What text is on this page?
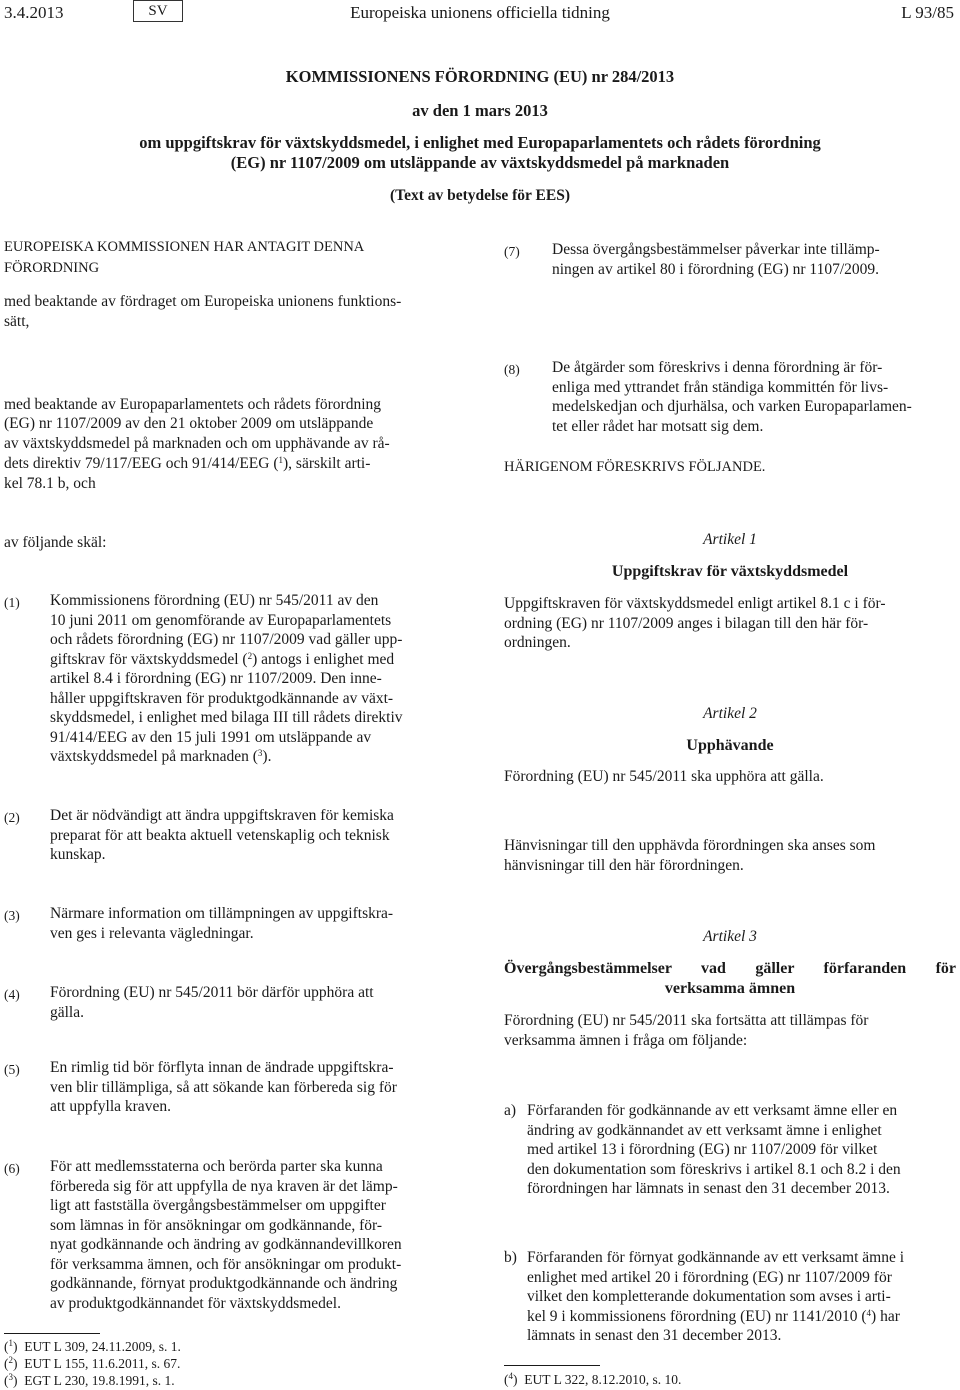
3.4.2013	SV	Europeiska unionens officiella tidning	L 93/85
KOMMISSIONENS FÖRORDNING (EU) nr 284/2013
av den 1 mars 2013
om uppgiftskrav för växtskyddsmedel, i enlighet med Europaparlamentets och rådets förordning
(EG) nr 1107/2009 om utsläppande av växtskyddsmedel på marknaden
(Text av betydelse för EES)
EUROPEISKA KOMMISSIONEN HAR ANTAGIT DENNA
FÖRORDNING
med beaktande av fördraget om Europeiska unionens funktions-
sätt,
med beaktande av Europaparlamentets och rådets förordning
(EG) nr 1107/2009 av den 21 oktober 2009 om utsläppande
av växtskyddsmedel på marknaden och om upphävande av rå-
dets direktiv 79/117/EEG och 91/414/EEG ($^1$), särskilt arti-
kel 78.1 b, och
av följande skäl:
(1) Kommissionens förordning (EU) nr 545/2011 av den
10 juni 2011 om genomförande av Europaparlamentets
och rådets förordning (EG) nr 1107/2009 vad gäller upp-
giftskrav för växtskyddsmedel ($^2$) antogs i enlighet med
artikel 8.4 i förordning (EG) nr 1107/2009. Den inne-
håller uppgiftskraven för produktgodkännande av växt-
skyddsmedel, i enlighet med bilaga III till rådets direktiv
91/414/EEG av den 15 juli 1991 om utsläppande av
växtskyddsmedel på marknaden ($^3$).
(2) Det är nödvändigt att ändra uppgiftskraven för kemiska
preparat för att beakta aktuell vetenskaplig och teknisk
kunskap.
(3) Närmare information om tillämpningen av uppgiftskra-
ven ges i relevanta vägledningar.
(4) Förordning (EU) nr 545/2011 bör därför upphöra att
gälla.
(5) En rimlig tid bör förflyta innan de ändrade uppgiftskra-
ven blir tillämpliga, så att sökande kan förbereda sig för
att uppfylla kraven.
(6) För att medlemsstaterna och berörda parter ska kunna
förbereda sig för att uppfylla de nya kraven är det lämp-
ligt att fastställa övergångsbestämmelser om uppgifter
som lämnas in för ansökningar om godkännande, för-
nyat godkännande och ändring av godkännandevillkoren
för verksamma ämnen, och för ansökningar om produkt-
godkännande, förnyat produktgodkännande och ändring
av produktgodkännandet för växtskyddsmedel.
($^1$)  EUT L 309, 24.11.2009, s. 1.
($^2$)  EUT L 155, 11.6.2011, s. 67.
($^3$)  EGT L 230, 19.8.1991, s. 1.
(7) Dessa övergångsbestämmelser påverkar inte tillämp-
ningen av artikel 80 i förordning (EG) nr 1107/2009.
(8) De åtgärder som föreskrivs i denna förordning är för-
enliga med yttrandet från ständiga kommittén för livs-
medelskedjan och djurhälsa, och varken Europaparlamen-
tet eller rådet har motsatt sig dem.
HÄRIGENOM FÖRESKRIVS FÖLJANDE.
Artikel 1
Uppgiftskrav för växtskyddsmedel
Uppgiftskraven för växtskyddsmedel enligt artikel 8.1 c i för-
ordning (EG) nr 1107/2009 anges i bilagan till den här för-
ordningen.
Artikel 2
Upphävande
Förordning (EU) nr 545/2011 ska upphöra att gälla.
Hänvisningar till den upphävda förordningen ska anses som
hänvisningar till den här förordningen.
Artikel 3
Övergångsbestämmelser vad gäller förfaranden för
verksamma ämnen
Förordning (EU) nr 545/2011 ska fortsätta att tillämpas för
verksamma ämnen i fråga om följande:
a) Förfaranden för godkännande av ett verksamt ämne eller en
ändring av godkännandet av ett verksamt ämne i enlighet
med artikel 13 i förordning (EG) nr 1107/2009 för vilket
den dokumentation som föreskrivs i artikel 8.1 och 8.2 i den
förordningen har lämnats in senast den 31 december 2013.
b) Förfaranden för förnyat godkännande av ett verksamt ämne i
enlighet med artikel 20 i förordning (EG) nr 1107/2009 för
vilket den kompletterande dokumentation som avses i arti-
kel 9 i kommissionens förordning (EU) nr 1141/2010 ($^4$) har
lämnats in senast den 31 december 2013.
($^4$)  EUT L 322, 8.12.2010, s. 10.
